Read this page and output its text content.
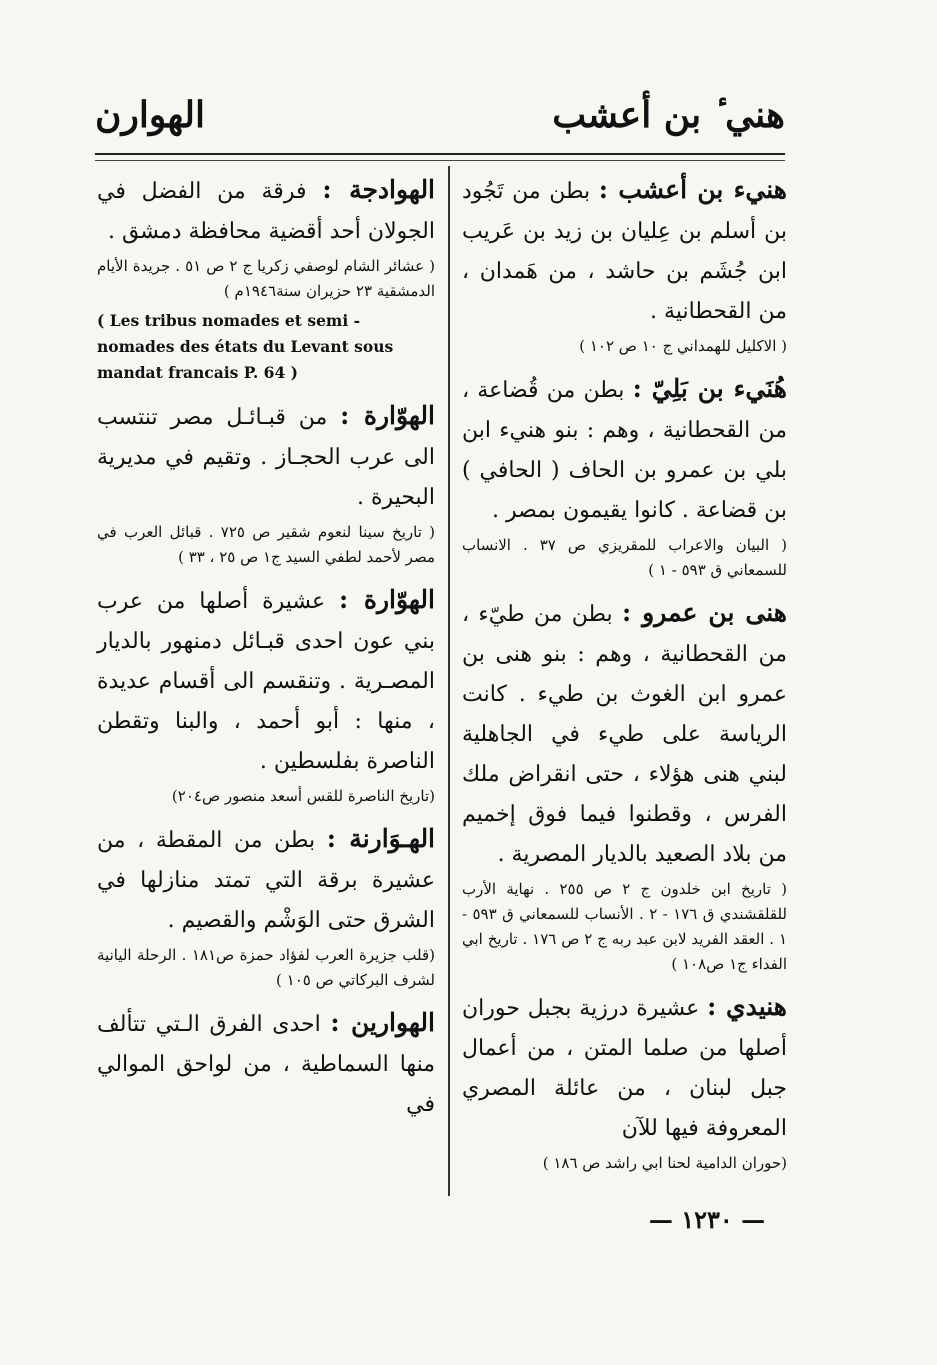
هني ٔ بن أعشب
الهوارن

هنيء بن أعشب : بطن من تَجُود بن أسلم بن عِليان بن زيد بن عَريب ابن جُشَم بن حاشد ، من هَمدان ، من القحطانية .

( الاكليل للهمداني ج ١٠ ص ١٠٢ )

هُنَيء بن بَلِيّ : بطن من قُضاعة ، من القحطانية ، وهم : بنو هنيء ابن بلي بن عمرو بن الحاف ( الحافي ) بن قضاعة . كانوا يقيمون بمصر .

( البيان والاعراب للمقريزي ص ٣٧ . الانساب للسمعاني ق ٥٩٣ - ١ )

هنى بن عمرو : بطن من طيّء ، من القحطانية ، وهم : بنو هنى بن عمرو ابن الغوث بن طيء . كانت الرياسة على طيء في الجاهلية لبني هنى هؤلاء ، حتى انقراض ملك الفرس ، وقطنوا فيما فوق إخميم من بلاد الصعيد بالديار المصرية .

( تاريخ ابن خلدون ج ٢ ص ٢٥٥ . نهاية الأرب للقلقشندي ق ١٧٦ - ٢ . الأنساب للسمعاني ق ٥٩٣ - ١ . العقد الفريد لابن عبد ربه ج ٢ ص ١٧٦ . تاريخ ابي الفداء ج١ ص١٠٨ )

هنيدي : عشيرة درزية بجبل حوران أصلها من صلما المتن ، من أعمال جبل لبنان ، من عائلة المصري المعروفة فيها للآن

(حوران الدامية لحنا ابي راشد ص ١٨٦ )

الهوادجة : فرقة من الفضل في الجولان أحد أقضية محافظة دمشق .

( عشائر الشام لوصفي زكريا ج ٢ ص ٥١ . جريدة الأيام الدمشقية ٢٣ حزيران سنة١٩٤٦م )
( Les tribus nomades et semi - nomades des états du Levant sous mandat francais P. 64 )

الهوّارة : من قبـائـل مصر تنتسب الى عرب الحجـاز . وتقيم في مديرية البحيرة .

( تاريخ سينا لنعوم شقير ص ٧٢٥ . قبائل العرب في مصر لأحمد لطفي السيد ج١ ص ٢٥ ، ٣٣ )

الهوّارة : عشيرة أصلها من عرب بني عون احدى قبـائل دمنهور بالديار المصـرية . وتنقسم الى أقسام عديدة ، منها : أبو أحمد ، والبنا وتقطن الناصرة بفلسطين .

(تاريخ الناصرة للقس أسعد منصور ص٢٠٤)

الهـوَارنة : بطن من المقطة ، من عشيرة برقة التي تمتد منازلها في الشرق حتى الوَشْم والقصيم .

(قلب جزيرة العرب لفؤاد حمزة ص١٨١ . الرحلة اليانية لشرف البركاتي ص ١٠٥ )

الهوارين : احدى الفرق الـتي تتألف منها السماطية ، من لواحق الموالي في

— ١٢٣٠ —
